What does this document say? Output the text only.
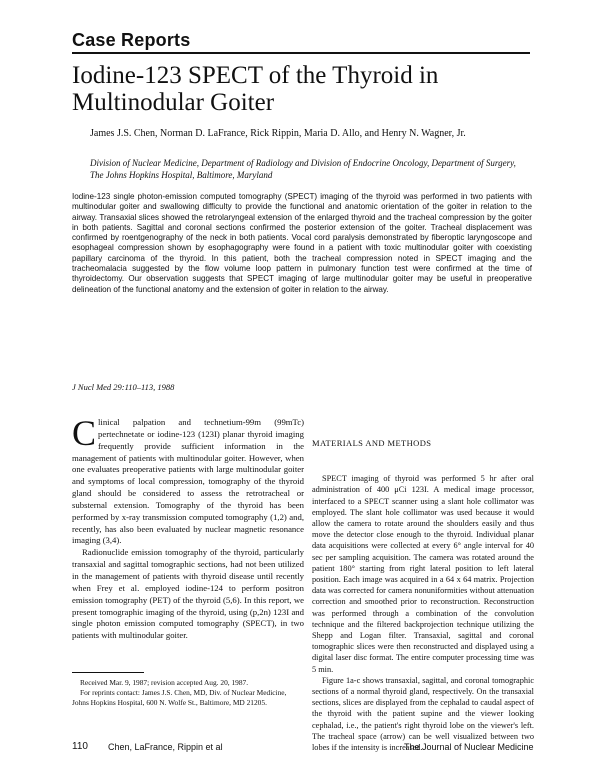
Case Reports
Iodine-123 SPECT of the Thyroid in Multinodular Goiter
James J.S. Chen, Norman D. LaFrance, Rick Rippin, Maria D. Allo, and Henry N. Wagner, Jr.
Division of Nuclear Medicine, Department of Radiology and Division of Endocrine Oncology, Department of Surgery, The Johns Hopkins Hospital, Baltimore, Maryland
Iodine-123 single photon-emission computed tomography (SPECT) imaging of the thyroid was performed in two patients with multinodular goiter and swallowing difficulty to provide the functional and anatomic orientation of the goiter in relation to the airway. Transaxial slices showed the retrolaryngeal extension of the enlarged thyroid and the tracheal compression by the goiter in both patients. Sagittal and coronal sections confirmed the posterior extension of the goiter. Tracheal displacement was confirmed by roentgenography of the neck in both patients. Vocal cord paralysis demonstrated by fiberoptic laryngoscope and esophageal compression shown by esophagography were found in a patient with toxic multinodular goiter with coexisting papillary carcinoma of the thyroid. In this patient, both the tracheal compression noted in SPECT imaging and the tracheomalacia suggested by the flow volume loop pattern in pulmonary function test were confirmed at the time of thyroidectomy. Our observation suggests that SPECT imaging of large multinodular goiter may be useful in preoperative delineation of the functional anatomy and the extension of goiter in relation to the airway.
J Nucl Med 29:110–113, 1988

Clinical palpation and technetium-99m (99mTc) pertechnetate or iodine-123 (123I) planar thyroid imaging frequently provide sufficient information in the management of patients with multinodular goiter. However, when one evaluates preoperative patients with large multinodular goiter and symptoms of local compression, tomography of the thyroid gland should be considered to assess the retrotracheal or substernal extension. Tomography of the thyroid has been performed by x-ray transmission computed tomography (1,2) and, recently, has also been evaluated by nuclear magnetic resonance imaging (3,4).

Radionuclide emission tomography of the thyroid, particularly transaxial and sagittal tomographic sections, had not been utilized in the management of patients with thyroid disease until recently when Frey et al. employed iodine-124 to perform positron emission tomography (PET) of the thyroid (5,6). In this report, we present tomographic imaging of the thyroid, using (p,2n) 123I and single photon emission computed tomography (SPECT), in two patients with multinodular goiter.

Received Mar. 9, 1987; revision accepted Aug. 20, 1987.

For reprints contact: James J.S. Chen, MD, Div. of Nuclear Medicine, Johns Hopkins Hospital, 600 N. Wolfe St., Baltimore, MD 21205.

MATERIALS AND METHODS

SPECT imaging of thyroid was performed 5 hr after oral administration of 400 μCi 123I. A medical image processor, interfaced to a SPECT scanner using a slant hole collimator was employed. The slant hole collimator was used because it would allow the camera to rotate around the shoulders easily and thus move the detector close enough to the thyroid. Individual planar data acquisitions were collected at every 6° angle interval for 40 sec per sampling acquisition. The camera was rotated around the patient 180° starting from right lateral position to left lateral position. Each image was acquired in a 64 x 64 matrix. Projection data was corrected for camera nonuniformities without attenuation correction and smoothed prior to reconstruction. Reconstruction was performed through a combination of the convolution technique and the filtered backprojection technique utilizing the Shepp and Logan filter. Transaxial, sagittal and coronal tomographic slices were then reconstructed and displayed using a digital laser disc format. The entire computer processing time was 5 min.

Figure 1a-c shows transaxial, sagittal, and coronal tomographic sections of a normal thyroid gland, respectively. On the transaxial sections, slices are displayed from the cephalad to caudal aspect of the thyroid with the patient supine and the viewer looking cephalad, i.e., the patient's right thyroid lobe on the viewer's left. The tracheal space (arrow) can be well visualized between two lobes if the intensity is increased.

110 Chen, LaFrance, Rippin et al	The Journal of Nuclear Medicine
